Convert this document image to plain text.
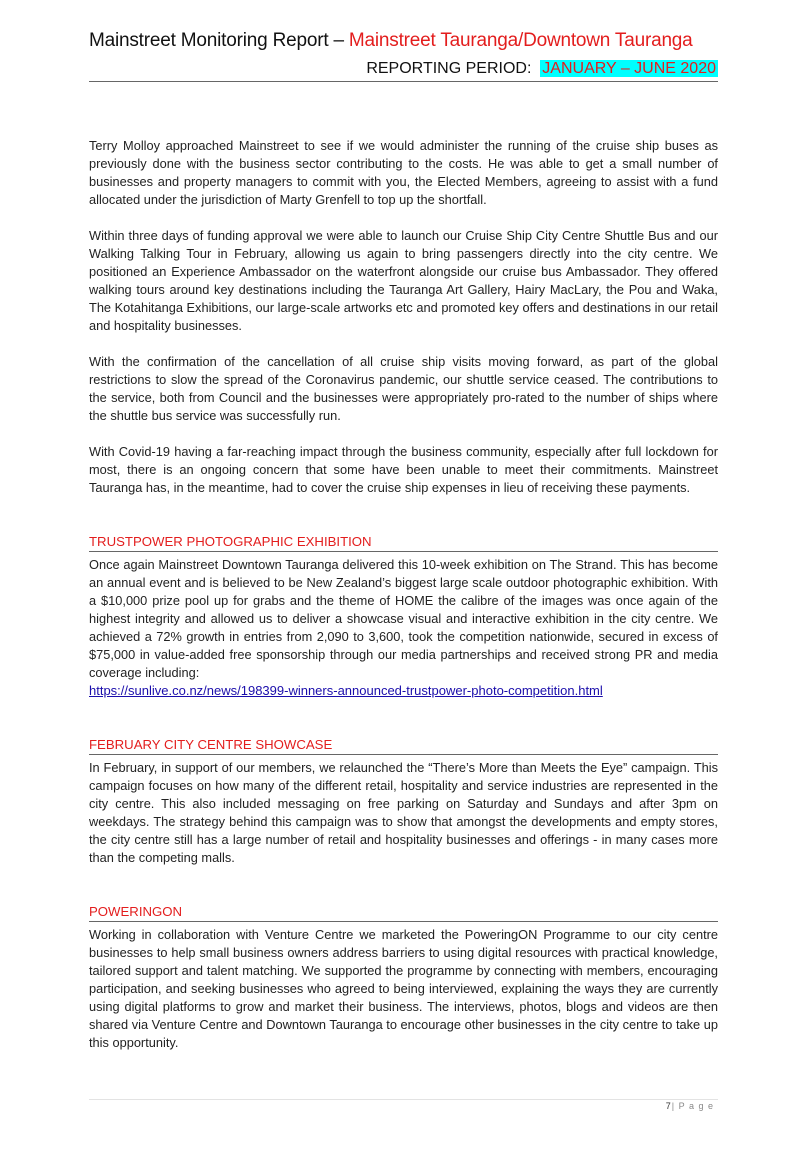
Mainstreet Monitoring Report – Mainstreet Tauranga/Downtown Tauranga
REPORTING PERIOD: JANUARY – JUNE 2020

Terry Molloy approached Mainstreet to see if we would administer the running of the cruise ship buses as previously done with the business sector contributing to the costs. He was able to get a small number of businesses and property managers to commit with you, the Elected Members, agreeing to assist with a fund allocated under the jurisdiction of Marty Grenfell to top up the shortfall.

Within three days of funding approval we were able to launch our Cruise Ship City Centre Shuttle Bus and our Walking Talking Tour in February, allowing us again to bring passengers directly into the city centre. We positioned an Experience Ambassador on the waterfront alongside our cruise bus Ambassador. They offered walking tours around key destinations including the Tauranga Art Gallery, Hairy MacLary, the Pou and Waka, The Kotahitanga Exhibitions, our large-scale artworks etc and promoted key offers and destinations in our retail and hospitality businesses.

With the confirmation of the cancellation of all cruise ship visits moving forward, as part of the global restrictions to slow the spread of the Coronavirus pandemic, our shuttle service ceased. The contributions to the service, both from Council and the businesses were appropriately pro-rated to the number of ships where the shuttle bus service was successfully run.

With Covid-19 having a far-reaching impact through the business community, especially after full lockdown for most, there is an ongoing concern that some have been unable to meet their commitments. Mainstreet Tauranga has, in the meantime, had to cover the cruise ship expenses in lieu of receiving these payments.

TRUSTPOWER PHOTOGRAPHIC EXHIBITION

Once again Mainstreet Downtown Tauranga delivered this 10-week exhibition on The Strand. This has become an annual event and is believed to be New Zealand’s biggest large scale outdoor photographic exhibition. With a $10,000 prize pool up for grabs and the theme of HOME the calibre of the images was once again of the highest integrity and allowed us to deliver a showcase visual and interactive exhibition in the city centre. We achieved a 72% growth in entries from 2,090 to 3,600, took the competition nationwide, secured in excess of $75,000 in value-added free sponsorship through our media partnerships and received strong PR and media coverage including:

https://sunlive.co.nz/news/198399-winners-announced-trustpower-photo-competition.html
FEBRUARY CITY CENTRE SHOWCASE

In February, in support of our members, we relaunched the “There’s More than Meets the Eye” campaign. This campaign focuses on how many of the different retail, hospitality and service industries are represented in the city centre. This also included messaging on free parking on Saturday and Sundays and after 3pm on weekdays. The strategy behind this campaign was to show that amongst the developments and empty stores, the city centre still has a large number of retail and hospitality businesses and offerings - in many cases more than the competing malls.

POWERINGON

Working in collaboration with Venture Centre we marketed the PoweringON Programme to our city centre businesses to help small business owners address barriers to using digital resources with practical knowledge, tailored support and talent matching. We supported the programme by connecting with members, encouraging participation, and seeking businesses who agreed to being interviewed, explaining the ways they are currently using digital platforms to grow and market their business. The interviews, photos, blogs and videos are then shared via Venture Centre and Downtown Tauranga to encourage other businesses in the city centre to take up this opportunity.

7| P a g e
